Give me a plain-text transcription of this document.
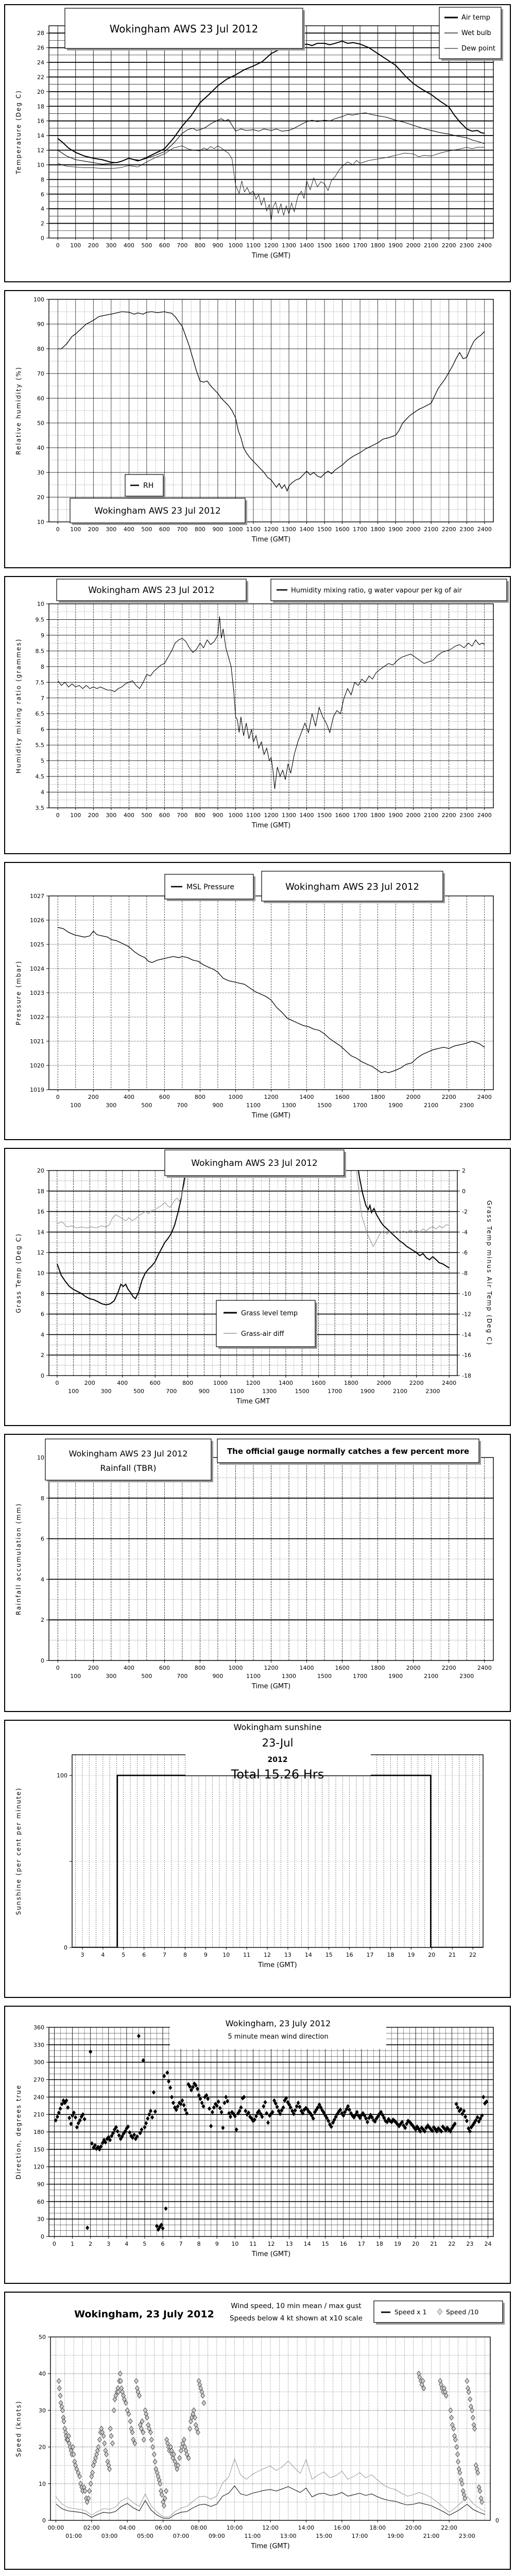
0
2
4
6
8
10
12
14
16
18
20
22
24
26
28
0 100 200 300 400 500 600 700 800 900 1000 1100 1200 1300 1400 1500 1600 1700 1800 1900 2000 2100 2200 2300 2400
Time (GMT)
Temperature (Deg C)
Wokingham AWS 23 Jul 2012
Air temp
Wet bulb
Dew point
10
20
30
40
50
60
70
80
90
100
0 100 200 300 400 500 600 700 800 900 1000 1100 1200 1300 1400 1500 1600 1700 1800 1900 2000 2100 2200 2300 2400
Time (GMT)
Relative humidity (%)
RH
Wokingham AWS 23 Jul 2012
3.5
4
4.5
5
5.5
6
6.5
7
7.5
8
8.5
9
9.5
10
0 100 200 300 400 500 600 700 800 900 1000 1100 1200 1300 1400 1500 1600 1700 1800 1900 2000 2100 2200 2300 2400
Time (GMT)
Humidity mixing ratio (grammes)
Wokingham AWS 23 Jul 2012	Humidity mixing ratio, g water vapour per kg of air
1019
1020
1021
1022
1023
1024
1025
1026
1027
0	200	400	600	800	1000	1200	1400	1600	1800	2000	2200	2400
100	300	500	700	900	1100	1300	1500	1700	1900	2100	2300
Time (GMT)
Pressure (mbar)
MSL Pressure	Wokingham AWS 23 Jul 2012
0
2
4
6
8
10
12
14
16
18
20	2
0
-2
-4
-6
-8
-10
-12
-14
-16
-18
0	200	400	600	800	1000	1200	1400	1600	1800	2000	2200	2400
100	300	500	700	900	1100	1300	1500	1700	1900	2100	2300
Time GMT
Grass Temp (Deg C)	Grass Temp minus Air Temp (Deg C)
Wokingham AWS 23 Jul 2012
Grass level temp
Grass-air diff
0
2
4
6
8
10
0	200	400	600	800	1000	1200	1400	1600	1800	2000	2200	2400
100	300	500	700	900	1100	1300	1500	1700	1900	2100	2300
Time (GMT)
Rainfall accumulation (mm)
Wokingham AWS 23 Jul 2012
Rainfall (TBR)
The official gauge normally catches a few percent more
0
100
3	4	5	6	7	8	9	10 11 12 13 14 15 16 17 18 19 20 21 22
Time (GMT)
Sunshine (per cent per minute)
Wokingham sunshine
23-Jul
2012
Total 15.26 Hrs
0
30
60
90
120
150
180
210
240
270
300
330
360
0	1	2	3	4	5	6	7	8	9 10 11 12 13 14 15 16 17 18 19 20 21 22 23 24
Time (GMT)
Direction, degrees true
Wokingham, 23 July 2012
5 minute mean wind direction
0
10
20
30
40
50
0
00:00	02:00	04:00	06:00	08:00	10:00	12:00	14:00	16:00	18:00	20:00	22:00
01:00	03:00	05:00	07:00	09:00	11:00	13:00	15:00	17:00	19:00	21:00	23:00
Time (GMT)
Speed (knots)
Wokingham, 23 July 2012
Wind speed, 10 min mean / max gust
Speeds below 4 kt shown at x10 scale
Speed x 1	Speed /10
